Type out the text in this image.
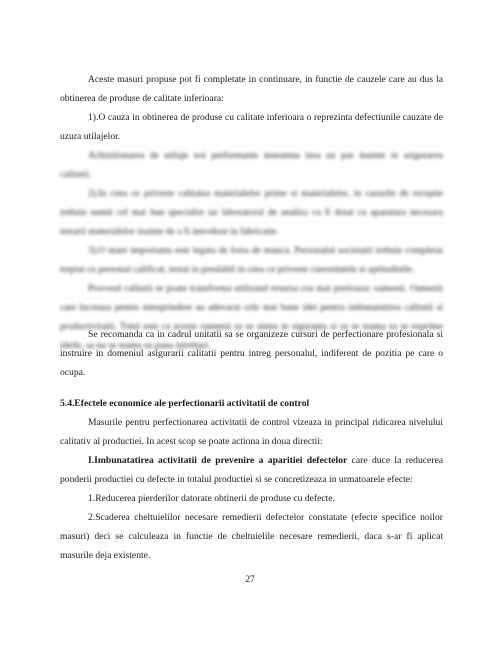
Aceste masuri propuse pot fi completate in continuare, in functie de cauzele care au dus la obtinerea de produse de calitate inferioara:

1).O cauza in obtinerea de produse cu calitate inferioara o reprezinta defectiunile cauzate de uzura utilajelor.

Achizitionarea de utilaje noi performante inseamna insa un pas inainte in asigurarea calitatii.

2).In ceea ce priveste calitatea materialelor prime si materialelor, in cazurile de receptie trebuie numit cel mai bun specialist iar laboratorul de analiza va fi dotat cu aparatura necesara testarii materialelor inainte de a fi introduse in fabricatie.

3).O mare importanta este legata de forta de munca. Personalul societatii trebuie completat treptat cu personal calificat, testat in prealabil in ceea ce priveste cunostintele si aptitudinile.

Procesul calitatii se poate transforma utilizand resursa cea mai pretioasa: oamenii. Oamenii care lucreaza pentru intreprindere au adevarat cele mai bune idei pentru imbunatatirea calitatii si productivitatii. Totul este ca aceste oamenii sa se simta in siguranta si sa se teama sa se exprime ideile, sa nu se teama sa puna intrebari.

Se recomanda ca in cadrul unitatii sa se organizeze cursuri de perfectionare profesionala si instruire in domeniul asigurarii calitatii pentru intreg personalul, indiferent de pozitia pe care o ocupa.

5.4.Efectele economice ale perfectionarii activitatii de control

Masurile pentru perfectionarea activitatii de control vizeaza in principal ridicarea nivelului calitativ al productiei. In acest scop se poate actiona in doua directii:

I.Imbunatatirea activitatii de prevenire a aparitiei defectelor care duce la reducerea ponderii productiei cu defecte in totalul productiei si se concretizeaza in urmatoarele efecte:

1.Reducerea pierderilor datorate obtinerii de produse cu defecte.

2.Scaderea cheltuielilor necesare remedierii defectelor constatate (efecte specifice noilor masuri) deci se calculeaza in functie de cheltuielile necesare remedierii, daca s-ar fi aplicat masurile deja existente.

27
